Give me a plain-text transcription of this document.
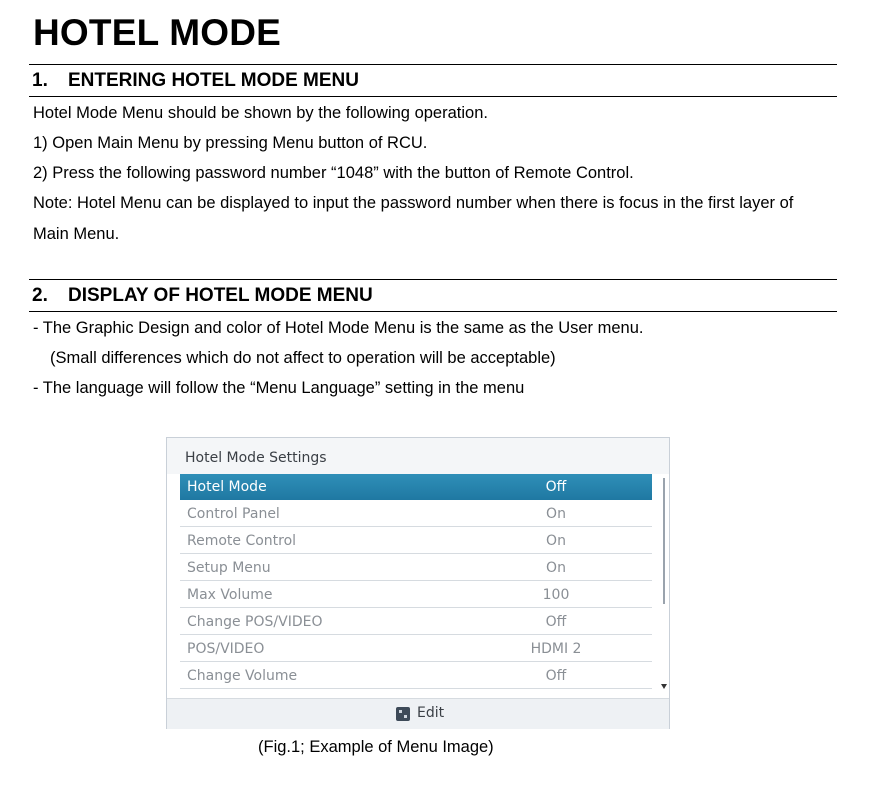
HOTEL MODE
1. ENTERING HOTEL MODE MENU
Hotel Mode Menu should be shown by the following operation.
1) Open Main Menu by pressing Menu button of RCU.
2) Press the following password number “1048” with the button of Remote Control.
Note: Hotel Menu can be displayed to input the password number when there is focus in the first layer of
Main Menu.
2. DISPLAY OF HOTEL MODE MENU
- The Graphic Design and color of Hotel Mode Menu is the same as the User menu.
(Small differences which do not affect to operation will be acceptable)
- The language will follow the “Menu Language” setting in the menu
Hotel Mode Settings
Hotel Mode	Off
Control Panel	On
Remote Control	On
Setup Menu	On
Max Volume	100
Change POS/VIDEO	Off
POS/VIDEO	HDMI 2
Change Volume	Off
Edit
(Fig.1; Example of Menu Image)
